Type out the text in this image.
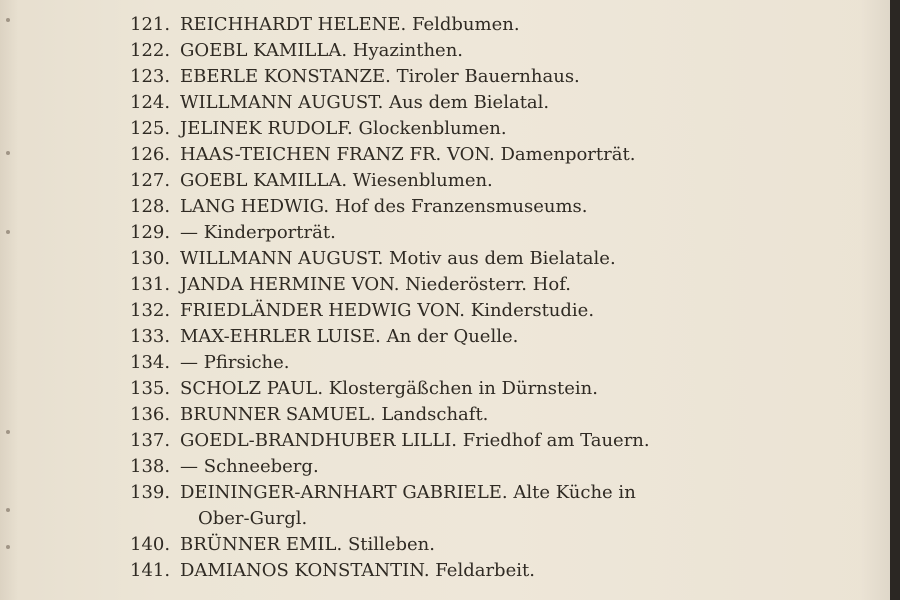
121. REICHHARDT HELENE. Feldbumen.
122. GOEBL KAMILLA. Hyazinthen.
123. EBERLE KONSTANZE. Tiroler Bauernhaus.
124. WILLMANN AUGUST. Aus dem Bielatal.
125. JELINEK RUDOLF. Glockenblumen.
126. HAAS-TEICHEN FRANZ FR. VON. Damenporträt.
127. GOEBL KAMILLA. Wiesenblumen.
128. LANG HEDWIG. Hof des Franzensmuseums.
129. — Kinderporträt.
130. WILLMANN AUGUST. Motiv aus dem Bielatale.
131. JANDA HERMINE VON. Niederösterr. Hof.
132. FRIEDLÄNDER HEDWIG VON. Kinderstudie.
133. MAX-EHRLER LUISE. An der Quelle.
134. — Pfirsiche.
135. SCHOLZ PAUL. Klostergäßchen in Dürnstein.
136. BRUNNER SAMUEL. Landschaft.
137. GOEDL-BRANDHUBER LILLI. Friedhof am Tauern.
138. — Schneeberg.
139. DEININGER-ARNHART GABRIELE. Alte Küche in
Ober-Gurgl.
140. BRÜNNER EMIL. Stilleben.
141. DAMIANOS KONSTANTIN. Feldarbeit.
